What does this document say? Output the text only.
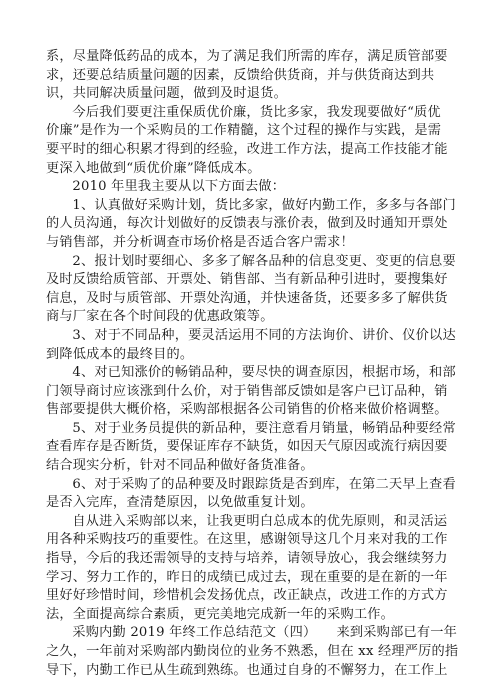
系，尽量降低药品的成本，为了满足我们所需的库存，满足质管部要
求，还要总结质量问题的因素，反馈给供货商，并与供货商达到共
识，共同解决质量问题，做到及时退货。
今后我们要更注重保质优价廉，货比多家，我发现要做好“质优
价廉”是作为一个采购员的工作精髓，这个过程的操作与实践，是需
要平时的细心积累才得到的经验，改进工作方法，提高工作技能才能
更深入地做到“质优价廉”降低成本。
2010 年里我主要从以下方面去做：
1、认真做好采购计划，货比多家，做好内勤工作，多多与各部门
的人员沟通，每次计划做好的反馈表与涨价表，做到及时通知开票处
与销售部，并分析调查市场价格是否适合客户需求！
2、报计划时要细心、多多了解各品种的信息变更、变更的信息要
及时反馈给质管部、开票处、销售部、当有新品种引进时，要搜集好
信息，及时与质管部、开票处沟通，并快速备货，还要多多了解供货
商与厂家在各个时间段的优惠政策等。
3、对于不同品种，要灵活运用不同的方法询价、讲价、仪价以达
到降低成本的最终目的。
4、对已知涨价的畅销品种，要尽快的调查原因，根据市场，和部
门领导商讨应该涨到什么价，对于销售部反馈如是客户已订品种，销
售部要提供大概价格，采购部根据各公司销售的价格来做价格调整。
5、对于业务员提供的新品种，要注意看月销量，畅销品种要经常
查看库存是否断货，要保证库存不缺货，如因天气原因或流行病因要
结合现实分析，针对不同品种做好备货准备。
6、对于采购了的品种要及时跟踪货是否到库，在第二天早上查看
是否入完库，查清楚原因，以免做重复计划。
自从进入采购部以来，让我更明白总成本的优先原则，和灵活运
用各种采购技巧的重要性。在这里，感谢领导这几个月来对我的工作
指导，今后的我还需领导的支持与培养，请领导放心，我会继续努力
学习、努力工作的，昨日的成绩已成过去，现在重要的是在新的一年
里好好珍惜时间，珍惜机会发扬优点，改正缺点，改进工作的方式方
法，全面提高综合素质，更完美地完成新一年的采购工作。
采购内勤 2019 年终工作总结范文（四）　　来到采购部已有一年
之久，一年前对采购部内勤岗位的业务不熟悉，但在 xx 经理严厉的指
导下，内勤工作已从生疏到熟练。也通过自身的不懈努力，在工作上
